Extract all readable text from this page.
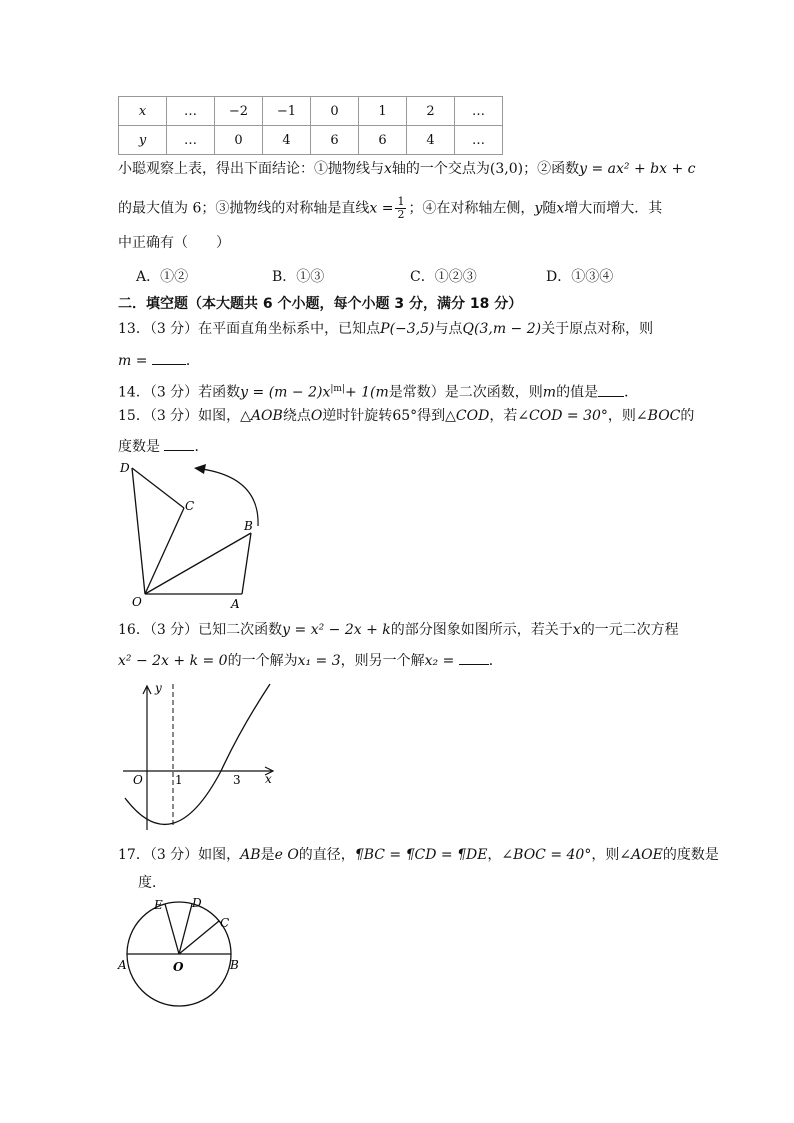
x	…	−2	−1	0	1	2	…
y	…	0	4	6	6	4	…
小聪观察上表，得出下面结论：①抛物线与x轴的一个交点为(3,0)；②函数y = ax² + bx + c
的最大值为 6；③抛物线的对称轴是直线$x = \frac{1}{2}$ ；④在对称轴左侧，y随x增大而增大．其
中正确有（　　）
A．①②	B．①③	C．①②③	D．①③④
二．填空题（本大题共 6 个小题，每个小题 3 分，满分 18 分）
13．（3 分）在平面直角坐标系中，已知点P(−3,5)与点Q(3,m − 2)关于原点对称，则
m =	．
14．（3 分）若函数$y = (m - 2)x^{|m|}+ 1(m$是常数）是二次函数，则m的值是 ．
15．（3 分）如图，△AOB绕点O逆时针旋转65°得到△COD，若∠COD = 30°，则∠BOC的
度数是 ．
D
C
B
O	A
16．（3 分）已知二次函数y = x² − 2x + k的部分图象如图所示，若关于x的一元二次方程
x² − 2x + k = 0的一个解为x₁ = 3，则另一个解x₂ = ．
y
x
O	1	3
17．（3 分）如图，AB是e O的直径，¶BC = ¶CD = ¶DE，∠BOC = 40°，则∠AOE的度数是
度．
A	B
C
D
E
O
